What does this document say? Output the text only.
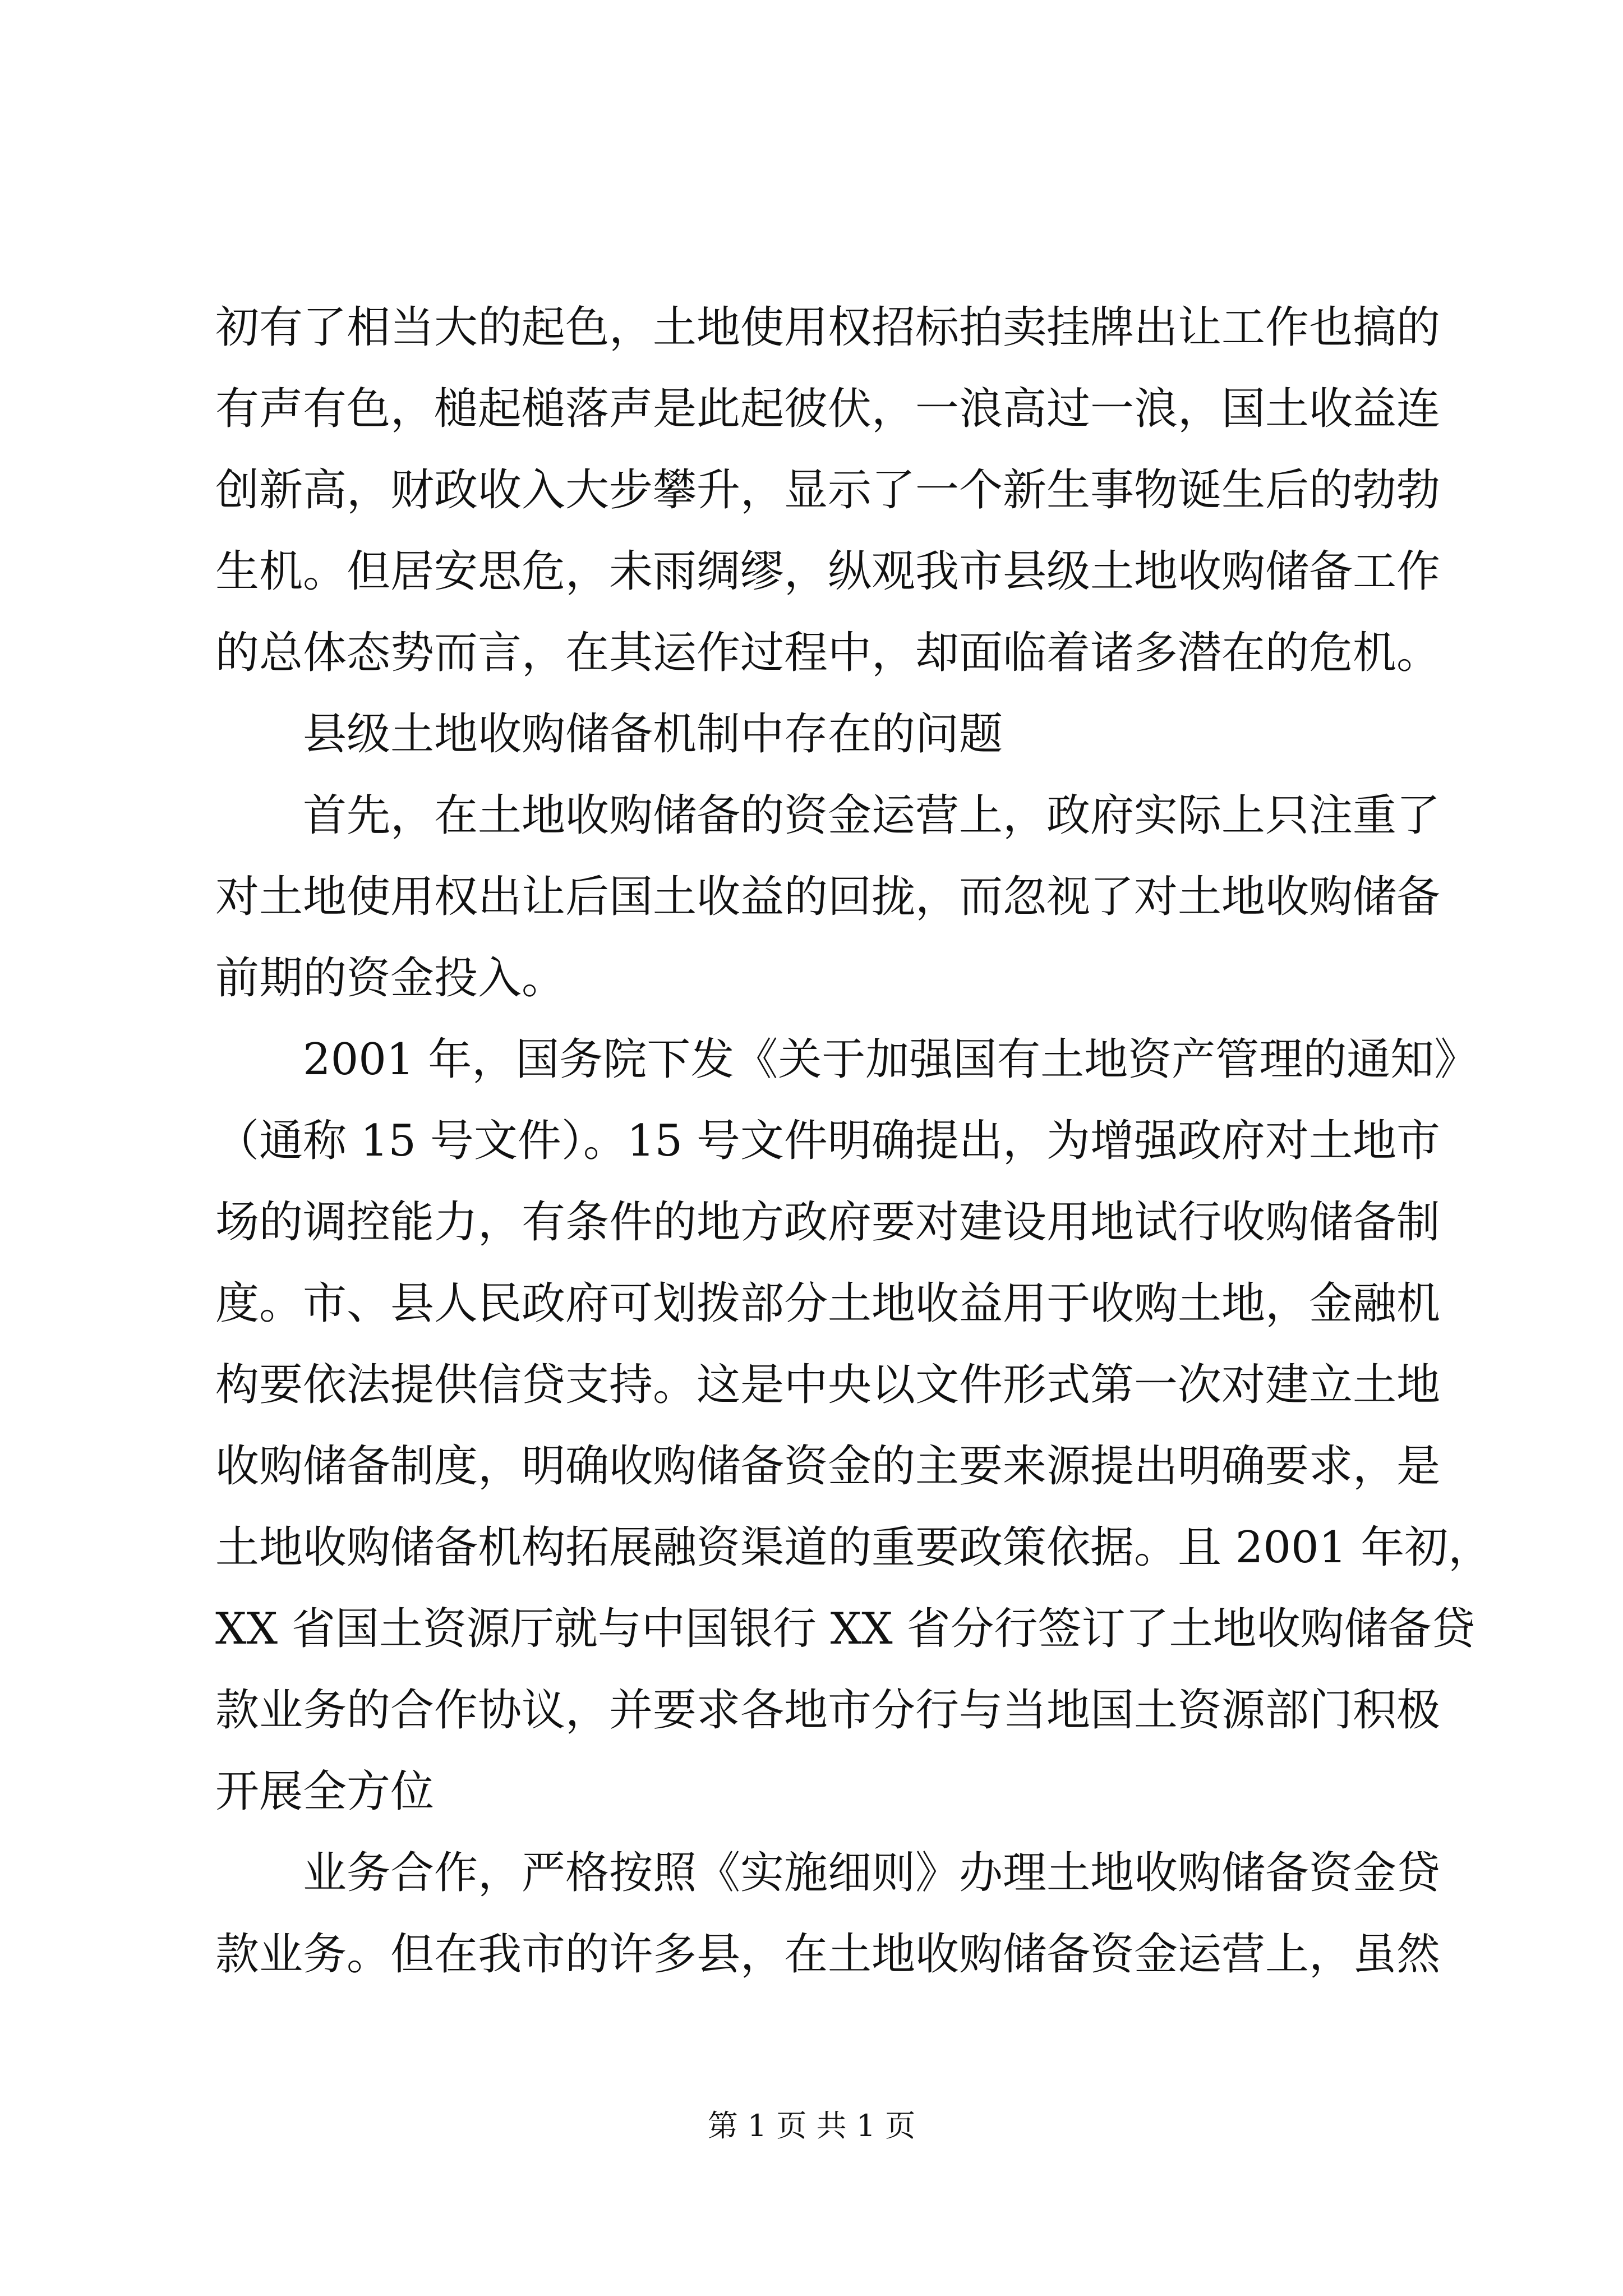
初有了相当大的起色，土地使用权招标拍卖挂牌出让工作也搞的
有声有色，槌起槌落声是此起彼伏，一浪高过一浪，国土收益连
创新高，财政收入大步攀升，显示了一个新生事物诞生后的勃勃
生机。但居安思危，未雨绸缪，纵观我市县级土地收购储备工作
的总体态势而言，在其运作过程中，却面临着诸多潜在的危机。
县级土地收购储备机制中存在的问题
首先，在土地收购储备的资金运营上，政府实际上只注重了
对土地使用权出让后国土收益的回拢，而忽视了对土地收购储备
前期的资金投入。
2001 年，国务院下发《关于加强国有土地资产管理的通知》
（通称 15 号文件）。15 号文件明确提出，为增强政府对土地市
场的调控能力，有条件的地方政府要对建设用地试行收购储备制
度。市、县人民政府可划拨部分土地收益用于收购土地，金融机
构要依法提供信贷支持。这是中央以文件形式第一次对建立土地
收购储备制度，明确收购储备资金的主要来源提出明确要求，是
土地收购储备机构拓展融资渠道的重要政策依据。且 2001 年初，
XX 省国土资源厅就与中国银行 XX 省分行签订了土地收购储备贷
款业务的合作协议，并要求各地市分行与当地国土资源部门积极
开展全方位
业务合作，严格按照《实施细则》办理土地收购储备资金贷
款业务。但在我市的许多县，在土地收购储备资金运营上，虽然
第 1 页 共 1 页
